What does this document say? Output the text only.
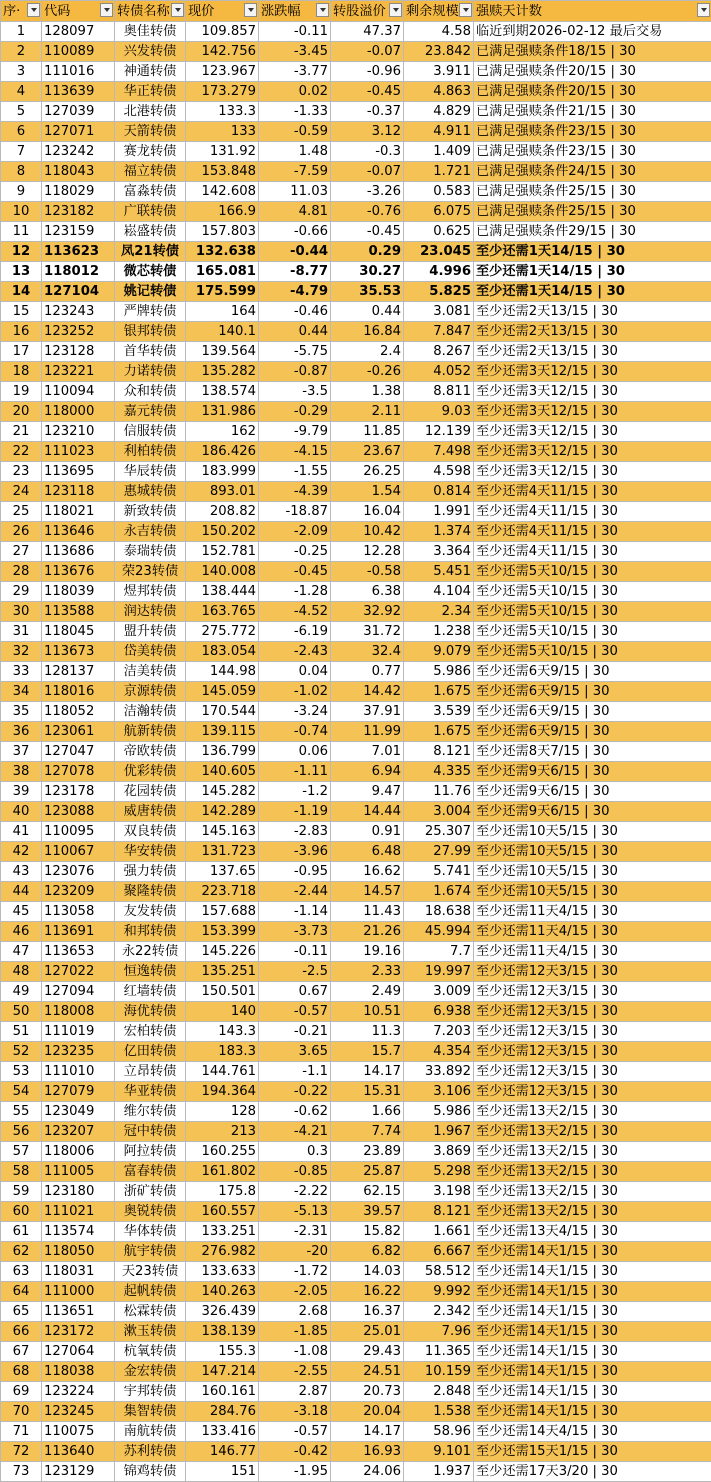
序·	代码	转债名称	现价	涨跌幅	转股溢价	剩余规模	强赎天计数

1	128097	奥佳转债	109.857	-0.11	47.37	4.58	临近到期2026-02-12 最后交易
2	110089	兴发转债	142.756	-3.45	-0.07	23.842	已满足强赎条件18/15 | 30
3	111016	神通转债	123.967	-3.77	-0.96	3.911	已满足强赎条件20/15 | 30
4	113639	华正转债	173.279	0.02	-0.45	4.863	已满足强赎条件20/15 | 30
5	127039	北港转债	133.3	-1.33	-0.37	4.829	已满足强赎条件21/15 | 30
6	127071	天箭转债	133	-0.59	3.12	4.911	已满足强赎条件23/15 | 30
7	123242	赛龙转债	131.92	1.48	-0.3	1.409	已满足强赎条件23/15 | 30
8	118043	福立转债	153.848	-7.59	-0.07	1.721	已满足强赎条件24/15 | 30
9	118029	富淼转债	142.608	11.03	-3.26	0.583	已满足强赎条件25/15 | 30
10	123182	广联转债	166.9	4.81	-0.76	6.075	已满足强赎条件25/15 | 30
11	123159	崧盛转债	157.803	-0.66	-0.45	0.625	已满足强赎条件29/15 | 30
12	113623	凤21转债	132.638	-0.44	0.29	23.045	至少还需1天14/15 | 30
13	118012	微芯转债	165.081	-8.77	30.27	4.996	至少还需1天14/15 | 30
14	127104	姚记转债	175.599	-4.79	35.53	5.825	至少还需1天14/15 | 30
15	123243	严牌转债	164	-0.46	0.44	3.081	至少还需2天13/15 | 30
16	123252	银邦转债	140.1	0.44	16.84	7.847	至少还需2天13/15 | 30
17	123128	首华转债	139.564	-5.75	2.4	8.267	至少还需2天13/15 | 30
18	123221	力诺转债	135.282	-0.87	-0.26	4.052	至少还需3天12/15 | 30
19	110094	众和转债	138.574	-3.5	1.38	8.811	至少还需3天12/15 | 30
20	118000	嘉元转债	131.986	-0.29	2.11	9.03	至少还需3天12/15 | 30
21	123210	信服转债	162	-9.79	11.85	12.139	至少还需3天12/15 | 30
22	111023	利柏转债	186.426	-4.15	23.67	7.498	至少还需3天12/15 | 30
23	113695	华辰转债	183.999	-1.55	26.25	4.598	至少还需3天12/15 | 30
24	123118	惠城转债	893.01	-4.39	1.54	0.814	至少还需4天11/15 | 30
25	118021	新致转债	208.82	-18.87	16.04	1.991	至少还需4天11/15 | 30
26	113646	永吉转债	150.202	-2.09	10.42	1.374	至少还需4天11/15 | 30
27	113686	泰瑞转债	152.781	-0.25	12.28	3.364	至少还需4天11/15 | 30
28	113676	荣23转债	140.008	-0.45	-0.58	5.451	至少还需5天10/15 | 30
29	118039	煜邦转债	138.444	-1.28	6.38	4.104	至少还需5天10/15 | 30
30	113588	润达转债	163.765	-4.52	32.92	2.34	至少还需5天10/15 | 30
31	118045	盟升转债	275.772	-6.19	31.72	1.238	至少还需5天10/15 | 30
32	113673	岱美转债	183.054	-2.43	32.4	9.079	至少还需5天10/15 | 30
33	128137	洁美转债	144.98	0.04	0.77	5.986	至少还需6天9/15 | 30
34	118016	京源转债	145.059	-1.02	14.42	1.675	至少还需6天9/15 | 30
35	118052	洁瀚转债	170.544	-3.24	37.91	3.539	至少还需6天9/15 | 30
36	123061	航新转债	139.115	-0.74	11.99	1.675	至少还需6天9/15 | 30
37	127047	帝欧转债	136.799	0.06	7.01	8.121	至少还需8天7/15 | 30
38	127078	优彩转债	140.605	-1.11	6.94	4.335	至少还需9天6/15 | 30
39	123178	花园转债	145.282	-1.2	9.47	11.76	至少还需9天6/15 | 30
40	123088	威唐转债	142.289	-1.19	14.44	3.004	至少还需9天6/15 | 30
41	110095	双良转债	145.163	-2.83	0.91	25.307	至少还需10天5/15 | 30
42	110067	华安转债	131.723	-3.96	6.48	27.99	至少还需10天5/15 | 30
43	123076	强力转债	137.65	-0.95	16.62	5.741	至少还需10天5/15 | 30
44	123209	聚隆转债	223.718	-2.44	14.57	1.674	至少还需10天5/15 | 30
45	113058	友发转债	157.688	-1.14	11.43	18.638	至少还需11天4/15 | 30
46	113691	和邦转债	153.399	-3.73	21.26	45.994	至少还需11天4/15 | 30
47	113653	永22转债	145.226	-0.11	19.16	7.7	至少还需11天4/15 | 30
48	127022	恒逸转债	135.251	-2.5	2.33	19.997	至少还需12天3/15 | 30
49	127094	红墙转债	150.501	0.67	2.49	3.009	至少还需12天3/15 | 30
50	118008	海优转债	140	-0.57	10.51	6.938	至少还需12天3/15 | 30
51	111019	宏柏转债	143.3	-0.21	11.3	7.203	至少还需12天3/15 | 30
52	123235	亿田转债	183.3	3.65	15.7	4.354	至少还需12天3/15 | 30
53	111010	立昂转债	144.761	-1.1	14.17	33.892	至少还需12天3/15 | 30
54	127079	华亚转债	194.364	-0.22	15.31	3.106	至少还需12天3/15 | 30
55	123049	维尔转债	128	-0.62	1.66	5.986	至少还需13天2/15 | 30
56	123207	冠中转债	213	-4.21	7.74	1.967	至少还需13天2/15 | 30
57	118006	阿拉转债	160.255	0.3	23.89	3.869	至少还需13天2/15 | 30
58	111005	富春转债	161.802	-0.85	25.87	5.298	至少还需13天2/15 | 30
59	123180	浙矿转债	175.8	-2.22	62.15	3.198	至少还需13天2/15 | 30
60	111021	奥锐转债	160.557	-5.13	39.57	8.121	至少还需13天2/15 | 30
61	113574	华体转债	133.251	-2.31	15.82	1.661	至少还需13天4/15 | 30
62	118050	航宇转债	276.982	-20	6.82	6.667	至少还需14天1/15 | 30
63	118031	天23转债	133.633	-1.72	14.03	58.512	至少还需14天1/15 | 30
64	111000	起帆转债	140.263	-2.05	16.22	9.992	至少还需14天1/15 | 30
65	113651	松霖转债	326.439	2.68	16.37	2.342	至少还需14天1/15 | 30
66	123172	漱玉转债	138.139	-1.85	25.01	7.96	至少还需14天1/15 | 30
67	127064	杭氧转债	155.3	-1.08	29.43	11.365	至少还需14天1/15 | 30
68	118038	金宏转债	147.214	-2.55	24.51	10.159	至少还需14天1/15 | 30
69	123224	宇邦转债	160.161	2.87	20.73	2.848	至少还需14天1/15 | 30
70	123245	集智转债	284.76	-3.18	20.04	1.538	至少还需14天1/15 | 30
71	110075	南航转债	133.416	-0.57	14.17	58.96	至少还需14天4/15 | 30
72	113640	苏利转债	146.77	-0.42	16.93	9.101	至少还需15天1/15 | 30
73	123129	锦鸡转债	151	-1.95	24.06	1.937	至少还需17天3/20 | 30
